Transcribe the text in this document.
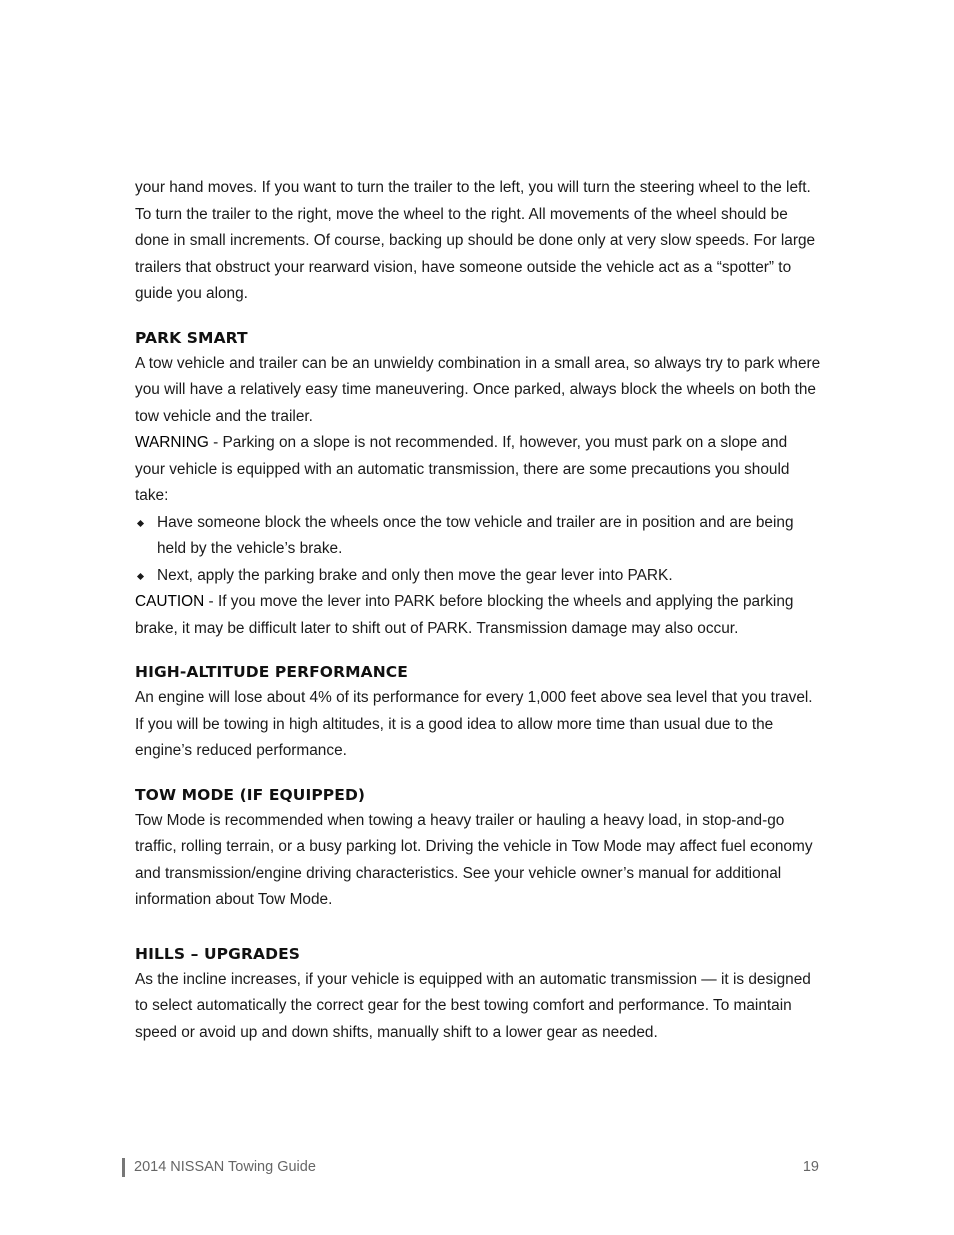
your hand moves. If you want to turn the trailer to the left, you will turn the steering wheel to the left. To turn the trailer to the right, move the wheel to the right. All movements of the wheel should be done in small increments. Of course, backing up should be done only at very slow speeds. For large trailers that obstruct your rearward vision, have someone outside the vehicle act as a “spotter” to guide you along.

PARK SMART

A tow vehicle and trailer can be an unwieldy combination in a small area, so always try to park where you will have a relatively easy time maneuvering. Once parked, always block the wheels on both the tow vehicle and the trailer.

WARNING - Parking on a slope is not recommended. If, however, you must park on a slope and your vehicle is equipped with an automatic transmission, there are some precautions you should take:

Have someone block the wheels once the tow vehicle and trailer are in position and are being held by the vehicle’s brake.
Next, apply the parking brake and only then move the gear lever into PARK.

CAUTION - If you move the lever into PARK before blocking the wheels and applying the parking brake, it may be difficult later to shift out of PARK. Transmission damage may also occur.

HIGH-ALTITUDE PERFORMANCE

An engine will lose about 4% of its performance for every 1,000 feet above sea level that you travel. If you will be towing in high altitudes, it is a good idea to allow more time than usual due to the engine’s reduced performance.

TOW MODE (IF EQUIPPED)

Tow Mode is recommended when towing a heavy trailer or hauling a heavy load, in stop-and-go traffic, rolling terrain, or a busy parking lot. Driving the vehicle in Tow Mode may affect fuel economy and transmission/engine driving characteristics. See your vehicle owner’s manual for additional information about Tow Mode.

HILLS – UPGRADES

As the incline increases, if your vehicle is equipped with an automatic transmission — it is designed to select automatically the correct gear for the best towing comfort and performance. To maintain speed or avoid up and down shifts, manually shift to a lower gear as needed.

2014 NISSAN Towing Guide	19
